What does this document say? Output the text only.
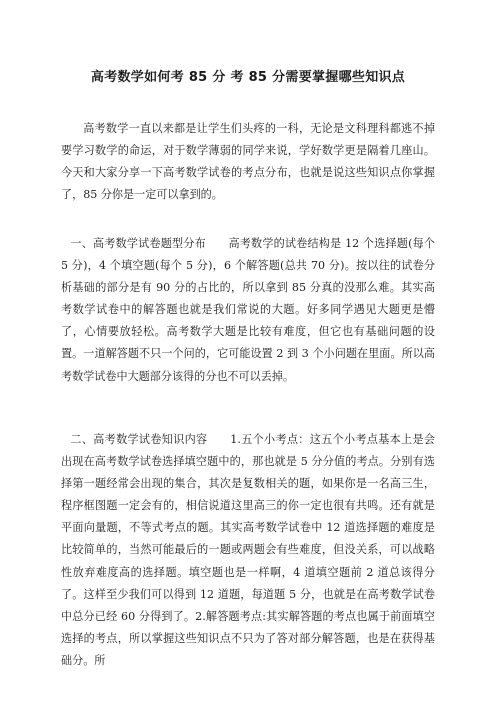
高考数学如何考 85 分 考 85 分需要掌握哪些知识点

高考数学一直以来都是让学生们头疼的一科，无论是文科理科都逃不掉要学习数学的命运，对于数学薄弱的同学来说，学好数学更是隔着几座山。今天和大家分享一下高考数学试卷的考点分布，也就是说这些知识点你掌握了，85 分你是一定可以拿到的。

一、高考数学试卷题型分布　　高考数学的试卷结构是 12 个选择题(每个 5 分)，4 个填空题(每个 5 分)，6 个解答题(总共 70 分)。按以往的试卷分析基础的部分是有 90 分的占比的，所以拿到 85 分真的没那么难。其实高考数学试卷中的解答题也就是我们常说的大题。好多同学遇见大题更是懵了，心情要放轻松。高考数学大题是比较有难度，但它也有基础问题的设置。一道解答题不只一个问的，它可能设置 2 到 3 个小问题在里面。所以高考数学试卷中大题部分该得的分也不可以丢掉。

二、高考数学试卷知识内容　　1.五个小考点：这五个小考点基本上是会出现在高考数学试卷选择填空题中的，那也就是 5 分分值的考点。分别有选择第一题经常会出现的集合，其次是复数相关的题，如果你是一名高三生，程序框图题一定会有的，相信说道这里高三的你一定也很有共鸣。还有就是平面向量题，不等式考点的题。其实高考数学试卷中 12 道选择题的难度是比较简单的，当然可能最后的一题或两题会有些难度，但没关系，可以战略性放弃难度高的选择题。填空题也是一样啊，4 道填空题前 2 道总该得分了。这样至少我们可以得到 12 道题，每道题 5 分，也就是在高考数学试卷中总分已经 60 分得到了。2.解答题考点:其实解答题的考点也属于前面填空选择的考点，所以掌握这些知识点不只为了答对部分解答题，也是在获得基础分。所
